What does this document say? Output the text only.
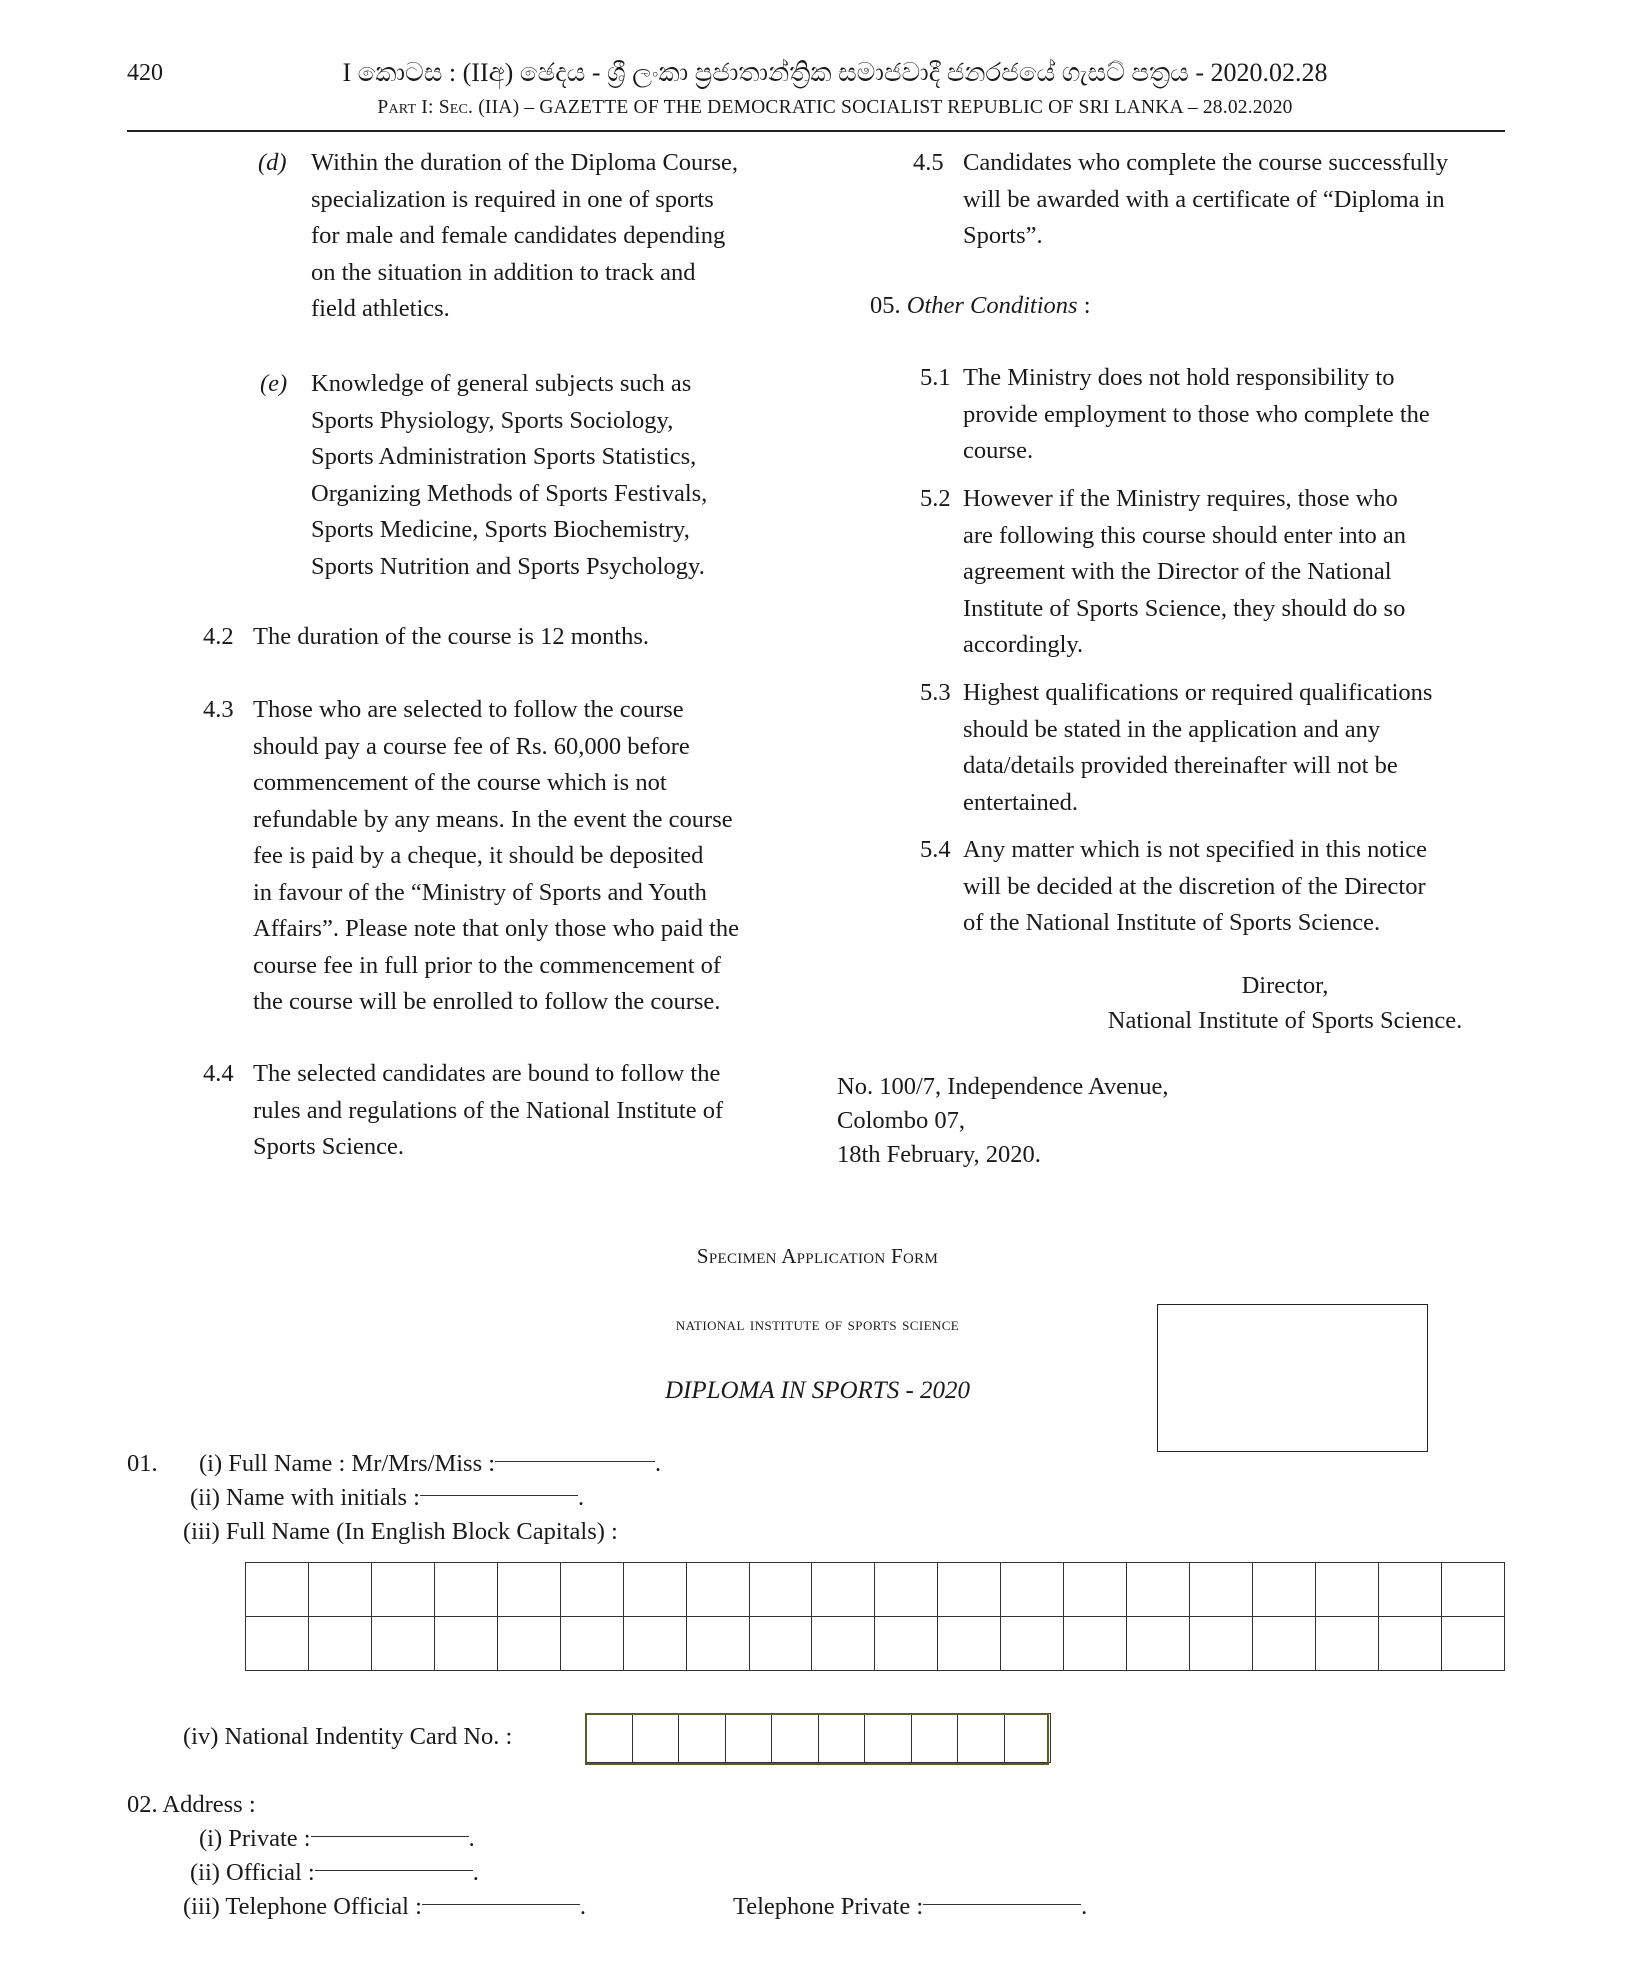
420	I කොටස : (IIඅ) ඡෙදය - ශ්‍රී ලංකා ප්‍රජාතාන්ත්‍රික සමාජවාදී ජනරජයේ ගැසට් පත්‍රය - 2020.02.28
Part I: Sec. (IIA) – GAZETTE OF THE DEMOCRATIC SOCIALIST REPUBLIC OF SRI LANKA – 28.02.2020
(d) Within the duration of the Diploma Course,
specialization is required in one of sports
for male and female candidates depending
on the situation in addition to track and
field athletics.
(e) Knowledge of general subjects such as
Sports Physiology, Sports Sociology,
Sports Administration Sports Statistics,
Organizing Methods of Sports Festivals,
Sports Medicine, Sports Biochemistry,
Sports Nutrition and Sports Psychology.
4.2 The duration of the course is 12 months.
4.3 Those who are selected to follow the course
should pay a course fee of Rs. 60,000 before
commencement of the course which is not
refundable by any means. In the event the course
fee is paid by a cheque, it should be deposited
in favour of the “Ministry of Sports and Youth
Affairs”. Please note that only those who paid the
course fee in full prior to the commencement of
the course will be enrolled to follow the course.
4.4 The selected candidates are bound to follow the
rules and regulations of the National Institute of
Sports Science.
4.5 Candidates who complete the course successfully
will be awarded with a certificate of “Diploma in
Sports”.
05. Other Conditions :
5.1 The Ministry does not hold responsibility to
provide employment to those who complete the
course.
5.2 However if the Ministry requires, those who
are following this course should enter into an
agreement with the Director of the National
Institute of Sports Science, they should do so
accordingly.
5.3 Highest qualifications or required qualifications
should be stated in the application and any
data/details provided thereinafter will not be
entertained.
5.4 Any matter which is not specified in this notice
will be decided at the discretion of the Director
of the National Institute of Sports Science.
Director,
National Institute of Sports Science.
No. 100/7, Independence Avenue,
Colombo 07,
18th February, 2020.
Specimen Application Form
national institute of sports science
DIPLOMA IN SPORTS - 2020
01. (i) Full Name : Mr/Mrs/Miss :	.
(ii) Name with initials :	.
(iii) Full Name (In English Block Capitals) :

(iv) National Indentity Card No. :

02. Address :
(i) Private :	.
(ii) Official :	.
(iii) Telephone Official :	.	Telephone Private :	.
